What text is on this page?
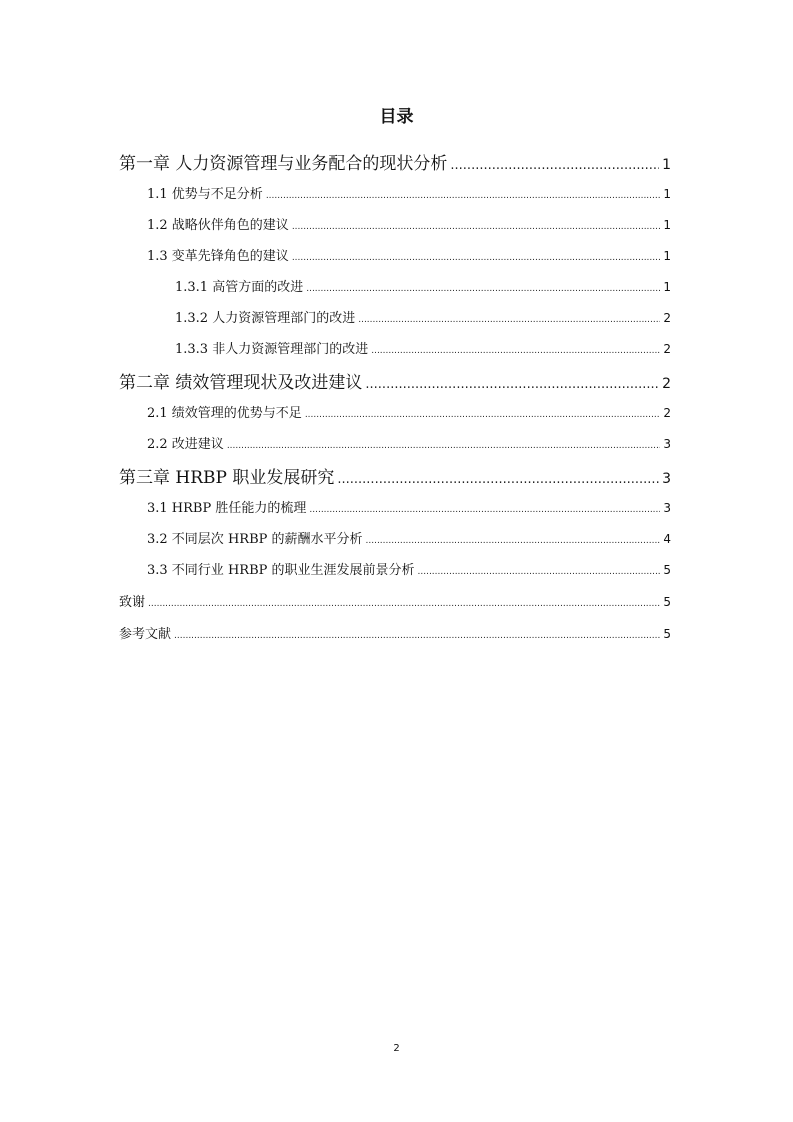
目录
第一章 人力资源管理与业务配合的现状分析 .....	1
1.1 优势与不足分析 .....	1
1.2 战略伙伴角色的建议 .....	1
1.3 变革先锋角色的建议 .....	1
1.3.1 高管方面的改进 .....	1
1.3.2 人力资源管理部门的改进 .....	2
1.3.3 非人力资源管理部门的改进 .....	2
第二章 绩效管理现状及改进建议 .....	2
2.1 绩效管理的优势与不足 .....	2
2.2 改进建议 .....	3
第三章 HRBP 职业发展研究 .....	3
3.1 HRBP 胜任能力的梳理 .....	3
3.2 不同层次 HRBP 的薪酬水平分析 .....	4
3.3 不同行业 HRBP 的职业生涯发展前景分析 .....	5
致谢 .....	5
参考文献 .....	5
2
